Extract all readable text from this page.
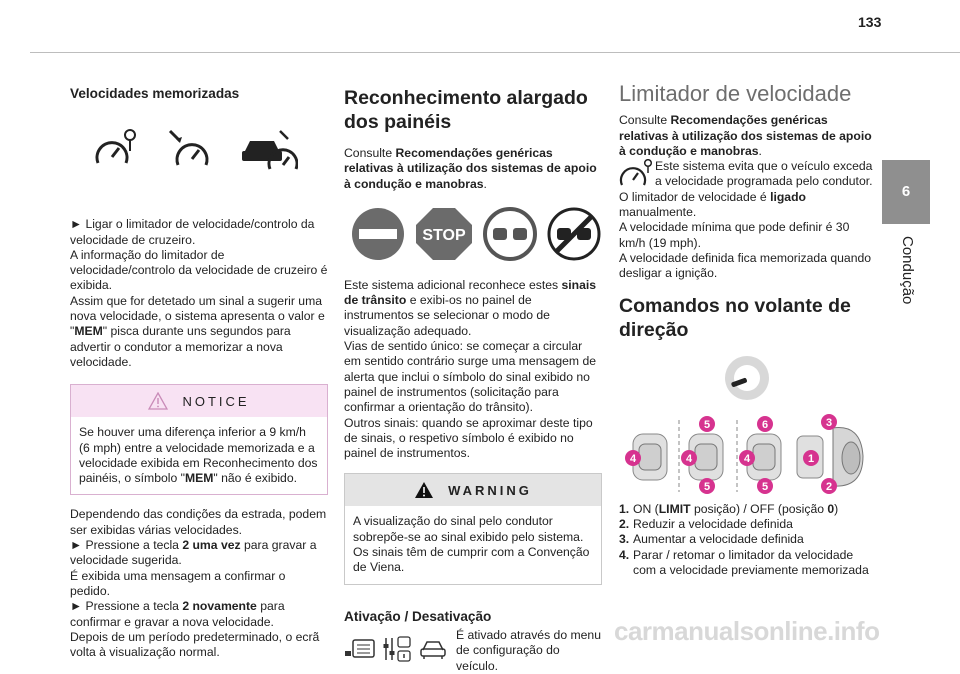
133
6
Condução
Velocidades memorizadas

► Ligar o limitador de velocidade/controlo da velocidade de cruzeiro.
A informação do limitador de velocidade/controlo da velocidade de cruzeiro é exibida.
Assim que for detetado um sinal a sugerir uma nova velocidade, o sistema apresenta o valor e "MEM" pisca durante uns segundos para advertir o condutor a memorizar a nova velocidade.

NOTICE
Se houver uma diferença inferior a 9 km/h (6 mph) entre a velocidade memorizada e a velocidade exibida em Reconhecimento dos painéis, o símbolo "MEM" não é exibido.

Dependendo das condições da estrada, podem ser exibidas várias velocidades.
► Pressione a tecla 2 uma vez para gravar a velocidade sugerida.
É exibida uma mensagem a confirmar o pedido.
► Pressione a tecla 2 novamente para confirmar e gravar a nova velocidade.
Depois de um período predeterminado, o ecrã volta à visualização normal.

Reconhecimento alargado dos painéis

Consulte Recomendações genéricas relativas à utilização dos sistemas de apoio à condução e manobras.

STOP

Este sistema adicional reconhece estes sinais de trânsito e exibi-os no painel de instrumentos se selecionar o modo de visualização adequado.

Vias de sentido único: se começar a circular em sentido contrário surge uma mensagem de alerta que inclui o símbolo do sinal exibido no painel de instrumentos (solicitação para confirmar a orientação do trânsito).

Outros sinais: quando se aproximar deste tipo de sinais, o respetivo símbolo é exibido no painel de instrumentos.

WARNING
A visualização do sinal pelo condutor sobrepõe-se ao sinal exibido pelo sistema. Os sinais têm de cumprir com a Convenção de Viena.
Ativação / Desativação

É ativado através do menu de configuração do veículo.

Limitador de velocidade

Consulte Recomendações genéricas relativas à utilização dos sistemas de apoio à condução e manobras.

Este sistema evita que o veículo exceda a velocidade programada pelo condutor.

O limitador de velocidade é ligado manualmente.

A velocidade mínima que pode definir é 30 km/h (19 mph).

A velocidade definida fica memorizada quando desligar a ignição.

Comandos no volante de direção
5	6	3
4	4	4	1
5	5	2
1. ON (LIMIT posição) / OFF (posição 0)
2. Reduzir a velocidade definida
3. Aumentar a velocidade definida
4. Parar / retomar o limitador da velocidade com a velocidade previamente memorizada
carmanualsonline.info
